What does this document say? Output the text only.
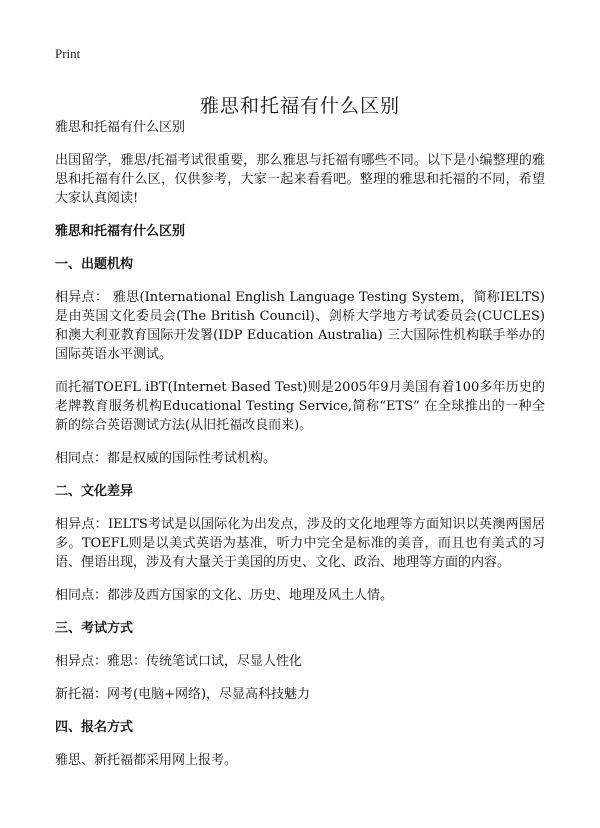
Print
雅思和托福有什么区别

雅思和托福有什么区别

出国留学，雅思/托福考试很重要，那么雅思与托福有哪些不同。以下是小编整理的雅思和托福有什么区，仅供参考，大家一起来看看吧。整理的雅思和托福的不同，希望大家认真阅读!

雅思和托福有什么区别

一、出题机构

相异点： 雅思(International English Language Testing System，简称IELTS)是由英国文化委员会(The British Council)、剑桥大学地方考试委员会(CUCLES)和澳大利亚教育国际开发署(IDP Education Australia) 三大国际性机构联手举办的国际英语水平测试。

而托福TOEFL iBT(Internet Based Test)则是2005年9月美国有着100多年历史的老牌教育服务机构Educational Testing Service,简称“ETS” 在全球推出的一种全新的综合英语测试方法(从旧托福改良而来)。

相同点：都是权威的国际性考试机构。

二、文化差异

相异点：IELTS考试是以国际化为出发点，涉及的文化地理等方面知识以英澳两国居多。TOEFL则是以美式英语为基准，听力中完全是标准的美音，而且也有美式的习语、俚语出现，涉及有大量关于美国的历史、文化、政治、地理等方面的内容。

相同点：都涉及西方国家的文化、历史、地理及风土人情。

三、考试方式

相异点：雅思：传统笔试口试，尽显人性化

新托福：网考(电脑+网络)，尽显高科技魅力

四、报名方式

雅思、新托福都采用网上报考。
